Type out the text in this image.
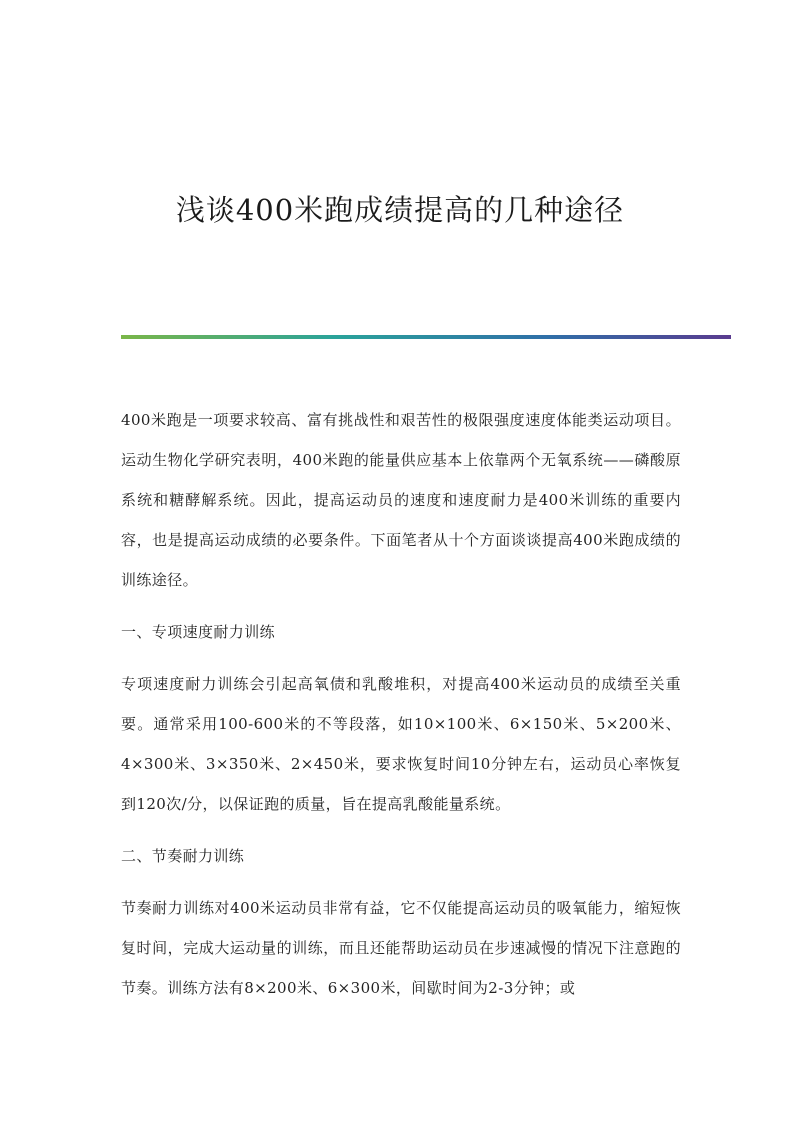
浅谈400米跑成绩提高的几种途径

400米跑是一项要求较高、富有挑战性和艰苦性的极限强度速度体能类运动项目。运动生物化学研究表明，400米跑的能量供应基本上依靠两个无氧系统——磷酸原系统和糖酵解系统。因此，提高运动员的速度和速度耐力是400米训练的重要内容，也是提高运动成绩的必要条件。下面笔者从十个方面谈谈提高400米跑成绩的训练途径。

一、专项速度耐力训练

专项速度耐力训练会引起高氧债和乳酸堆积，对提高400米运动员的成绩至关重要。通常采用100-600米的不等段落，如10×100米、6×150米、5×200米、4×300米、3×350米、2×450米，要求恢复时间10分钟左右，运动员心率恢复到120次/分，以保证跑的质量，旨在提高乳酸能量系统。

二、节奏耐力训练

节奏耐力训练对400米运动员非常有益，它不仅能提高运动员的吸氧能力，缩短恢复时间，完成大运动量的训练，而且还能帮助运动员在步速减慢的情况下注意跑的节奏。训练方法有8×200米、6×300米，间歇时间为2-3分钟；或
